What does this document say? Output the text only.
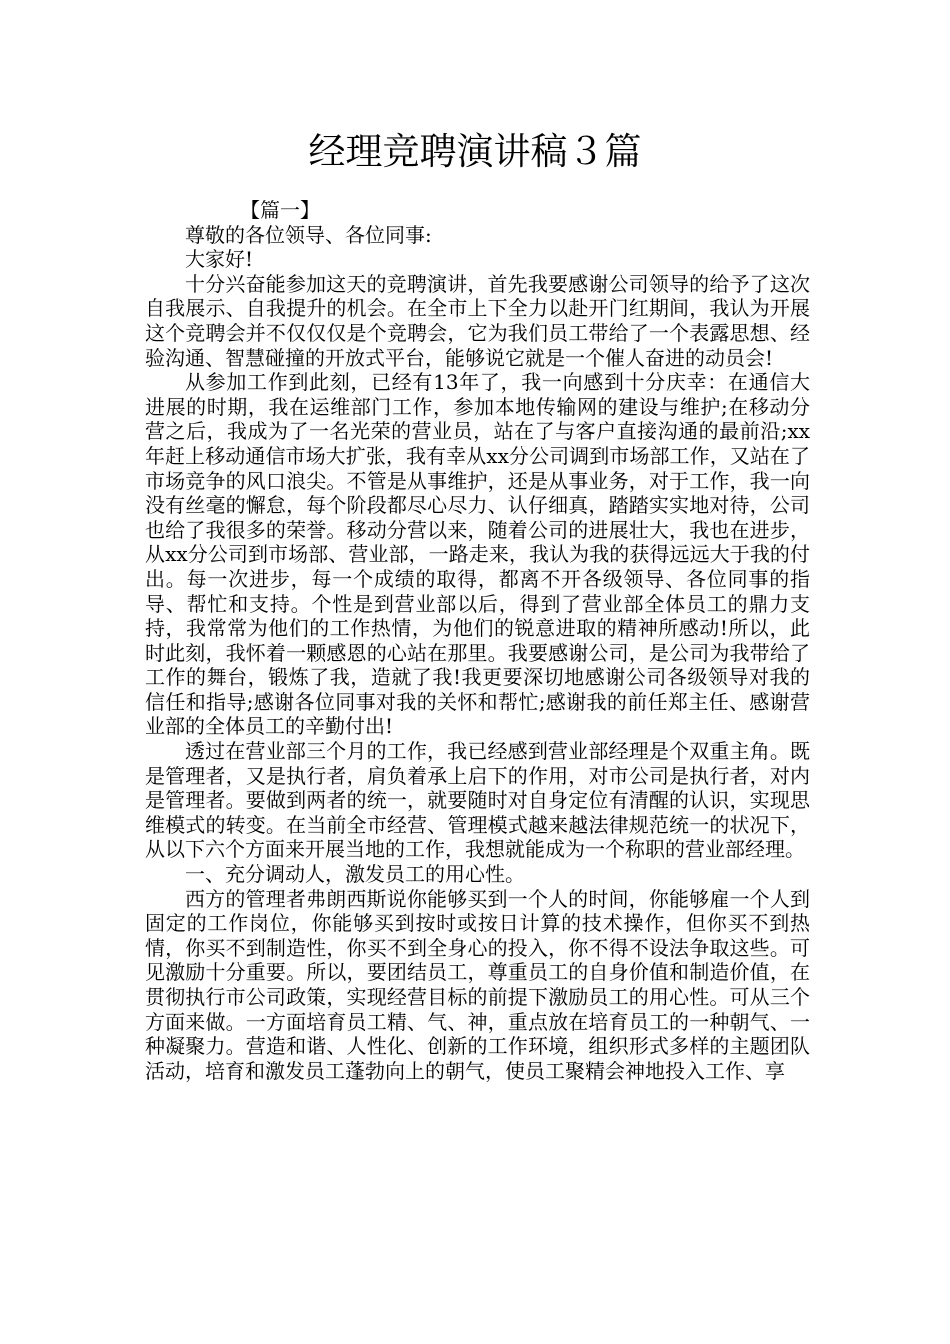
经理竞聘演讲稿３篇

【篇一】

尊敬的各位领导、各位同事:

大家好!

十分兴奋能参加这天的竞聘演讲，首先我要感谢公司领导的给予了这次自我展示、自我提升的机会。在全市上下全力以赴开门红期间，我认为开展这个竞聘会并不仅仅仅是个竞聘会，它为我们员工带给了一个表露思想、经验沟通、智慧碰撞的开放式平台，能够说它就是一个催人奋进的动员会!

从参加工作到此刻，已经有13年了，我一向感到十分庆幸：在通信大进展的时期，我在运维部门工作，参加本地传输网的建设与维护;在移动分营之后，我成为了一名光荣的营业员，站在了与客户直接沟通的最前沿;xx年赶上移动通信市场大扩张，我有幸从xx分公司调到市场部工作，又站在了市场竞争的风口浪尖。不管是从事维护，还是从事业务，对于工作，我一向没有丝毫的懈怠，每个阶段都尽心尽力、认仔细真，踏踏实实地对待，公司也给了我很多的荣誉。移动分营以来，随着公司的进展壮大，我也在进步，从xx分公司到市场部、营业部，一路走来，我认为我的获得远远大于我的付出。每一次进步，每一个成绩的取得，都离不开各级领导、各位同事的指导、帮忙和支持。个性是到营业部以后，得到了营业部全体员工的鼎力支持，我常常为他们的工作热情，为他们的锐意进取的精神所感动!所以，此时此刻，我怀着一颗感恩的心站在那里。我要感谢公司，是公司为我带给了工作的舞台，锻炼了我，造就了我!我更要深切地感谢公司各级领导对我的信任和指导;感谢各位同事对我的关怀和帮忙;感谢我的前任郑主任、感谢营业部的全体员工的辛勤付出!

透过在营业部三个月的工作，我已经感到营业部经理是个双重主角。既是管理者，又是执行者，肩负着承上启下的作用，对市公司是执行者，对内是管理者。要做到两者的统一，就要随时对自身定位有清醒的认识，实现思维模式的转变。在当前全市经营、管理模式越来越法律规范统一的状况下，从以下六个方面来开展当地的工作，我想就能成为一个称职的营业部经理。

一、充分调动人，激发员工的用心性。

西方的管理者弗朗西斯说你能够买到一个人的时间，你能够雇一个人到固定的工作岗位，你能够买到按时或按日计算的技术操作，但你买不到热情，你买不到制造性，你买不到全身心的投入，你不得不设法争取这些。可见激励十分重要。所以，要团结员工，尊重员工的自身价值和制造价值，在贯彻执行市公司政策，实现经营目标的前提下激励员工的用心性。可从三个方面来做。一方面培育员工精、气、神，重点放在培育员工的一种朝气、一种凝聚力。营造和谐、人性化、创新的工作环境，组织形式多样的主题团队活动，培育和激发员工蓬勃向上的朝气，使员工聚精会神地投入工作、享
